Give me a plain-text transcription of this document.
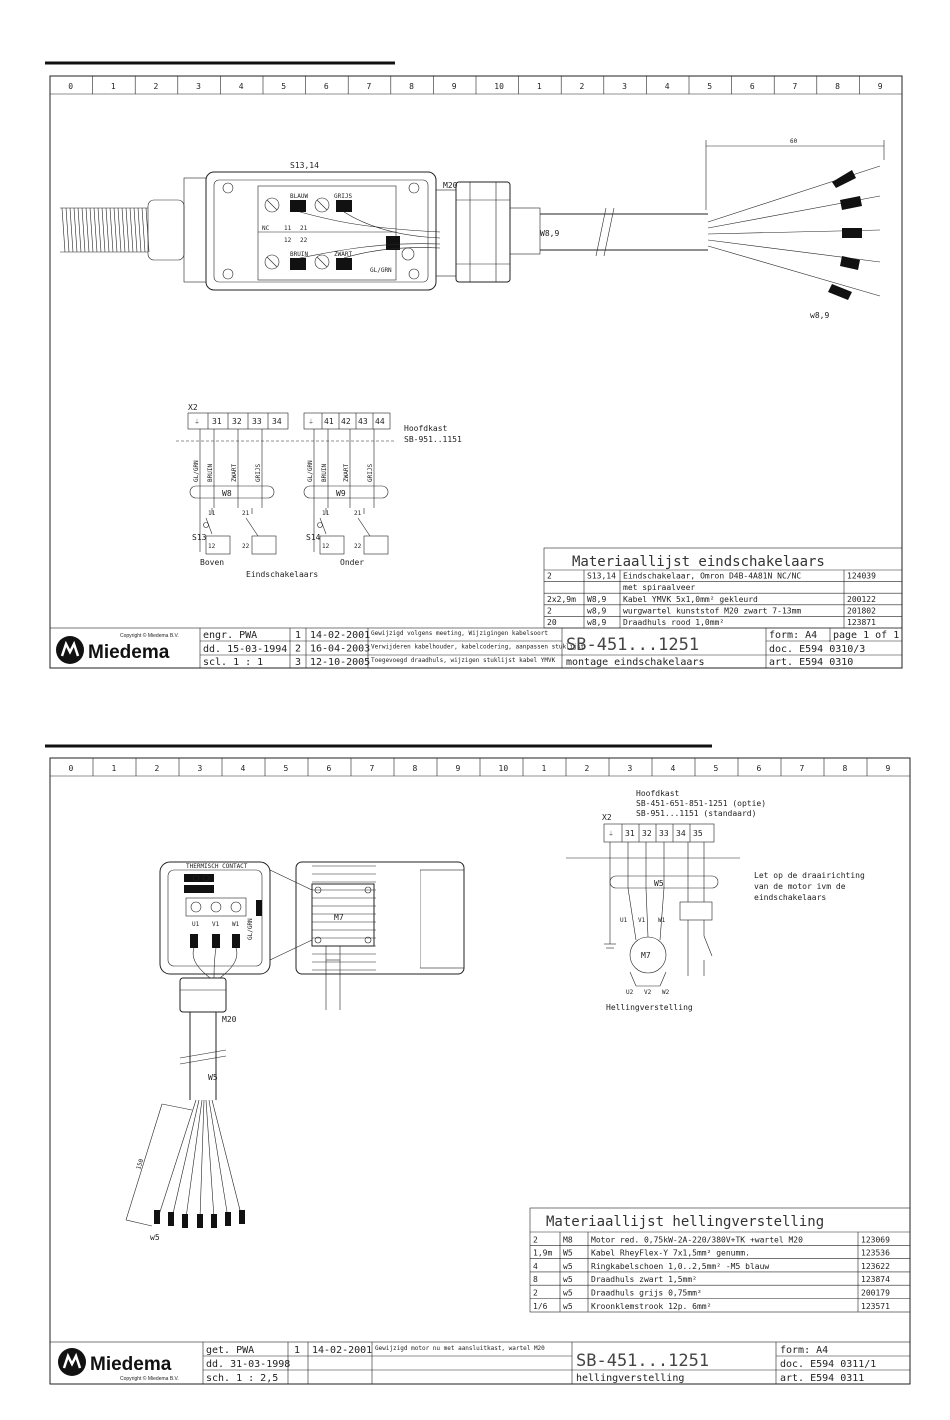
0	1	2	3	4	5	6	7	8	9	10	1	2	3	4	5	6	7	8	9
BLAUW	GRIJS
BRUIN	ZWART
GL/GRN
NC 11
12
21
22
S13,14
M20
W8,9
60
w8,9
X2
⏚	⏚
31 32 33 34	41 42 43 44
Hoofdkast
SB-951..1151
GL/GRN BRUIN	ZWART	GRIJS	GL/GRN BRUIN	ZWART	GRIJS
W8	W9
S13	S14
11
12
21
22
11
12
21
22
Boven	Onder
Eindschakelaars
Materiaallijst eindschakelaars
2	S13,14 Eindschakelaar, Omron D4B-4A81N NC/NC	124039
met spiraalveer
2x2,9m W8,9 Kabel YMVK 5x1,0mm² gekleurd	200122
2	w8,9 wurgwartel kunststof M20 zwart 7-13mm	201802
20	w8,9 Draadhuls rood 1,0mm²	123871
Copyright © Miedema B.V.
Miedema
engr. PWA
dd. 15-03-1994
scl. 1 : 1
1 14-02-2001 Gewijzigd volgens meeting, Wijzigingen kabelsoort
2 16-04-2003 Verwijderen kabelhouder, kabelcodering, aanpassen stuklijst
3 12-10-2005 Toegevoegd draadhuls, wijzigen stuklijst kabel YMVK
SB-451...1251
montage eindschakelaars
form: A4 page 1 of 1
doc. E594 0310/3
art. E594 0310
0	1	2	3	4	5	6	7	8	9	10	1	2	3	4	5	6	7	8	9
THERMISCH CONTACT
U1 V1 W1 GL/GRN
M20
M7
W5
150
w5
Hoofdkast
SB-451-651-851-1251 (optie)
SB-951...1151 (standaard)
X2
⏚ 31 32 33 34 35
W5
Let op de draairichting
van de motor ivm de
eindschakelaars
M7
U1 V1 W1
U2 V2 W2
Hellingverstelling
Materiaallijst hellingverstelling
2	M8 Motor red. 0,75kW-2A-220/380V+TK +wartel M20	123069
1,9m W5 Kabel RheyFlex-Y 7x1,5mm² genumm.	123536
4	w5 Ringkabelschoen 1,0..2,5mm² -M5 blauw	123622
8	w5 Draadhuls zwart 1,5mm²	123874
2	w5 Draadhuls grijs 0,75mm²	200179
1/6 w5 Kroonklemstrook 12p. 6mm²	123571
Miedema
Copyright © Miedema B.V.
get. PWA
dd. 31-03-1998
sch. 1 : 2,5
1 14-02-2001 Gewijzigd motor nu met aansluitkast, wartel M20
SB-451...1251
hellingverstelling
form: A4
doc. E594 0311/1
art. E594 0311
